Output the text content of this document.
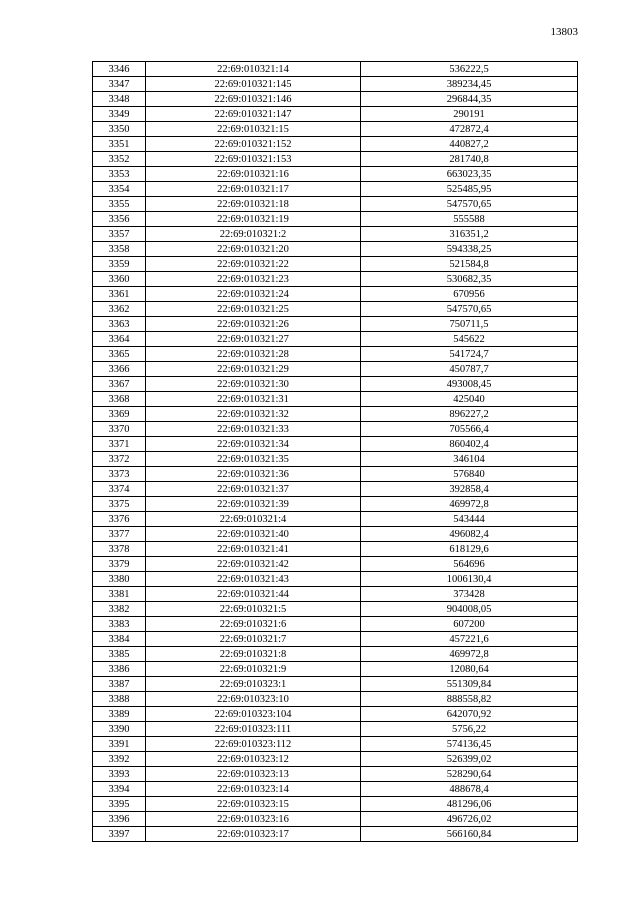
13803
3346	22:69:010321:14	536222,5
3347	22:69:010321:145	389234,45
3348	22:69:010321:146	296844,35
3349	22:69:010321:147	290191
3350	22:69:010321:15	472872,4
3351	22:69:010321:152	440827,2
3352	22:69:010321:153	281740,8
3353	22:69:010321:16	663023,35
3354	22:69:010321:17	525485,95
3355	22:69:010321:18	547570,65
3356	22:69:010321:19	555588
3357	22:69:010321:2	316351,2
3358	22:69:010321:20	594338,25
3359	22:69:010321:22	521584,8
3360	22:69:010321:23	530682,35
3361	22:69:010321:24	670956
3362	22:69:010321:25	547570,65
3363	22:69:010321:26	750711,5
3364	22:69:010321:27	545622
3365	22:69:010321:28	541724,7
3366	22:69:010321:29	450787,7
3367	22:69:010321:30	493008,45
3368	22:69:010321:31	425040
3369	22:69:010321:32	896227,2
3370	22:69:010321:33	705566,4
3371	22:69:010321:34	860402,4
3372	22:69:010321:35	346104
3373	22:69:010321:36	576840
3374	22:69:010321:37	392858,4
3375	22:69:010321:39	469972,8
3376	22:69:010321:4	543444
3377	22:69:010321:40	496082,4
3378	22:69:010321:41	618129,6
3379	22:69:010321:42	564696
3380	22:69:010321:43	1006130,4
3381	22:69:010321:44	373428
3382	22:69:010321:5	904008,05
3383	22:69:010321:6	607200
3384	22:69:010321:7	457221,6
3385	22:69:010321:8	469972,8
3386	22:69:010321:9	12080,64
3387	22:69:010323:1	551309,84
3388	22:69:010323:10	888558,82
3389	22:69:010323:104	642070,92
3390	22:69:010323:111	5756,22
3391	22:69:010323:112	574136,45
3392	22:69:010323:12	526399,02
3393	22:69:010323:13	528290,64
3394	22:69:010323:14	488678,4
3395	22:69:010323:15	481296,06
3396	22:69:010323:16	496726,02
3397	22:69:010323:17	566160,84
